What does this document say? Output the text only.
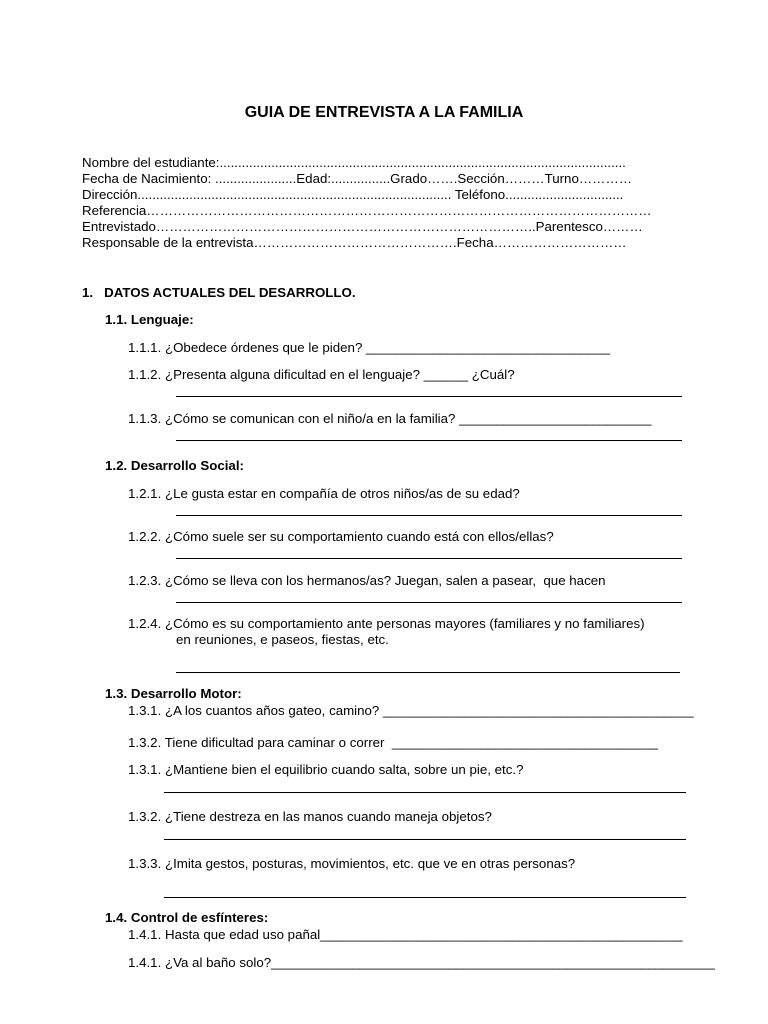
GUIA DE ENTREVISTA A LA FAMILIA
Nombre del estudiante:..............................................................................................................
Fecha de Nacimiento: ......................Edad:................Grado…….Sección………Turno…………
Dirección..................................................................................... Teléfono................................
Referencia……………………………………………………………………………………………………
Entrevistado…………………………………………………………………………..Parentesco………
Responsable de la entrevista……………………………………….Fecha…………………………
1.   DATOS ACTUALES DEL DESARROLLO.
1.1. Lenguaje:
1.1.1. ¿Obedece órdenes que le piden? _________________________________
1.1.2. ¿Presenta alguna dificultad en el lenguaje? ______ ¿Cuál?
1.1.3. ¿Cómo se comunican con el niño/a en la familia? __________________________
1.2. Desarrollo Social:
1.2.1. ¿Le gusta estar en compañía de otros niños/as de su edad?
1.2.2. ¿Cómo suele ser su comportamiento cuando está con ellos/ellas?
1.2.3. ¿Cómo se lleva con los hermanos/as? Juegan, salen a pasear,  que hacen
1.2.4. ¿Cómo es su comportamiento ante personas mayores (familiares y no familiares)
en reuniones, e paseos, fiestas, etc.
1.3. Desarrollo Motor:
1.3.1. ¿A los cuantos años gateo, camino? __________________________________________
1.3.2. Tiene dificultad para caminar o correr  ____________________________________
1.3.1. ¿Mantiene bien el equilibrio cuando salta, sobre un pie, etc.?
1.3.2. ¿Tiene destreza en las manos cuando maneja objetos?
1.3.3. ¿Imita gestos, posturas, movimientos, etc. que ve en otras personas?
1.4. Control de esfínteres:
1.4.1. Hasta que edad uso pañal_________________________________________________
1.4.1. ¿Va al baño solo?____________________________________________________________
